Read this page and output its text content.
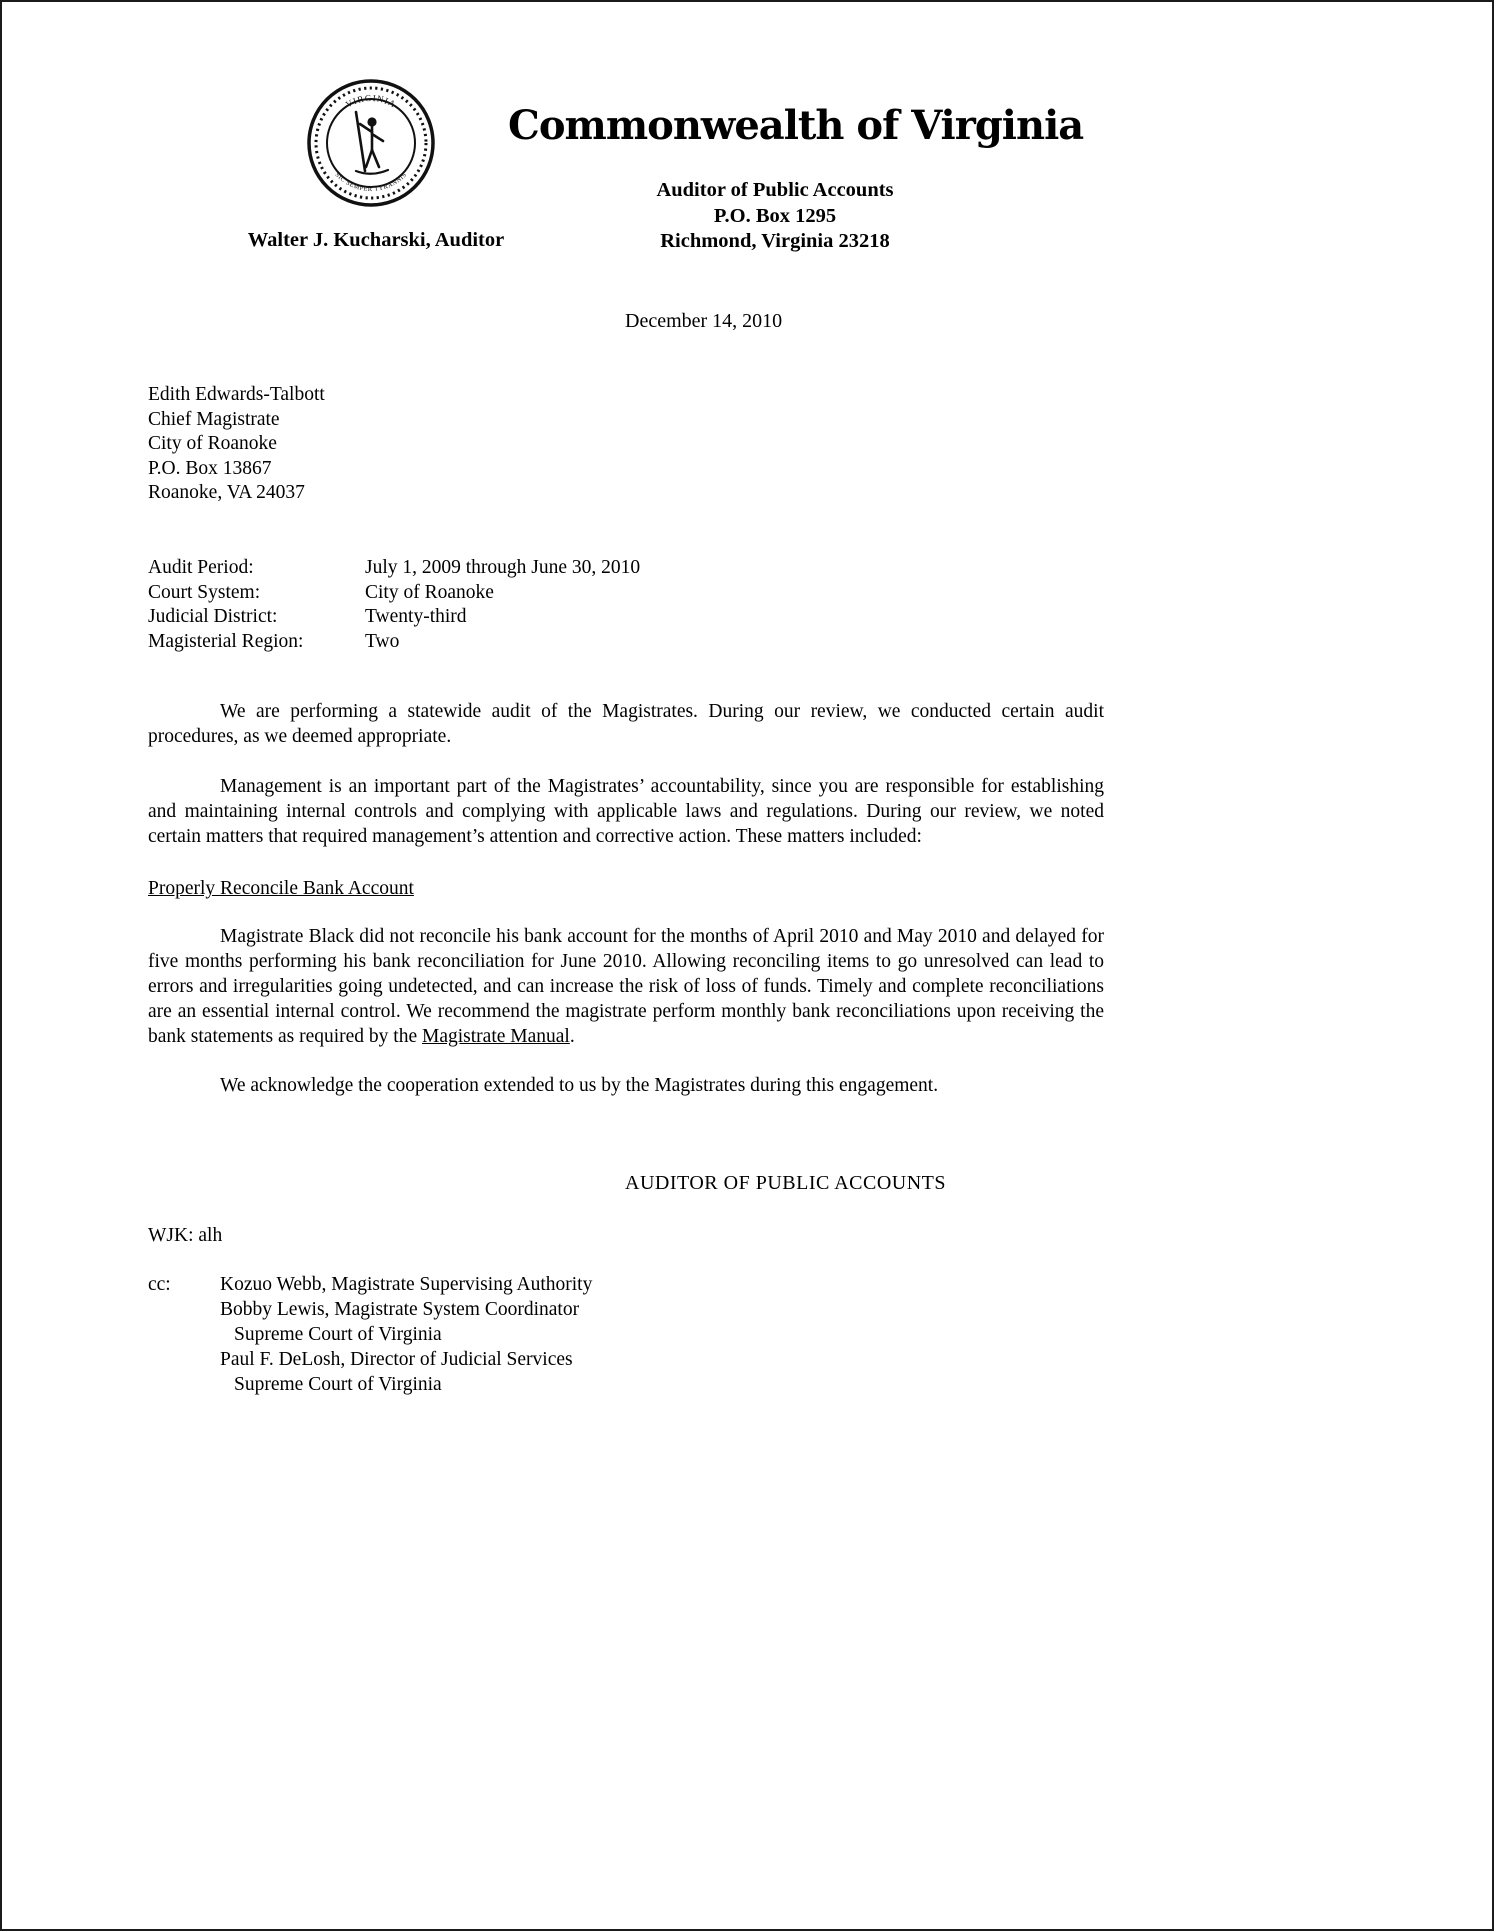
VIRGINIA
SIC SEMPER TYRANNIS
Commonwealth of Virginia
Auditor of Public Accounts
P.O. Box 1295
Richmond, Virginia 23218
Walter J. Kucharski, Auditor
December 14, 2010
Edith Edwards-Talbott
Chief Magistrate
City of Roanoke
P.O. Box 13867
Roanoke, VA 24037
Audit Period:	July 1, 2009 through June 30, 2010
Court System:	City of Roanoke
Judicial District:	Twenty-third
Magisterial Region:	Two

We are performing a statewide audit of the Magistrates. During our review, we conducted certain audit procedures, as we deemed appropriate.

Management is an important part of the Magistrates’ accountability, since you are responsible for establishing and maintaining internal controls and complying with applicable laws and regulations. During our review, we noted certain matters that required management’s attention and corrective action. These matters included:

Properly Reconcile Bank Account

Magistrate Black did not reconcile his bank account for the months of April 2010 and May 2010 and delayed for five months performing his bank reconciliation for June 2010. Allowing reconciling items to go unresolved can lead to errors and irregularities going undetected, and can increase the risk of loss of funds. Timely and complete reconciliations are an essential internal control. We recommend the magistrate perform monthly bank reconciliations upon receiving the bank statements as required by the Magistrate Manual.

We acknowledge the cooperation extended to us by the Magistrates during this engagement.

AUDITOR OF PUBLIC ACCOUNTS
WJK: alh
cc:	Kozuo Webb, Magistrate Supervising Authority
Bobby Lewis, Magistrate System Coordinator
Supreme Court of Virginia
Paul F. DeLosh, Director of Judicial Services
Supreme Court of Virginia
